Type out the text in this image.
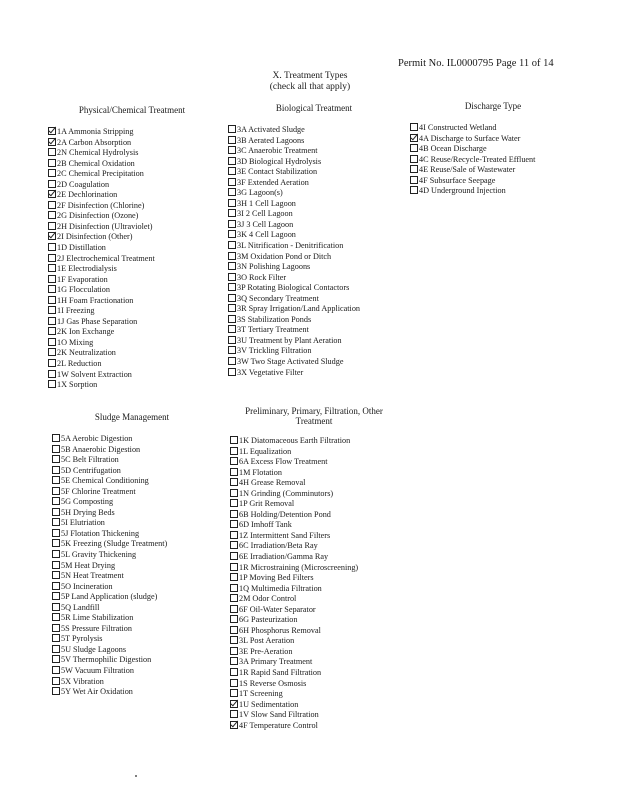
Permit No. IL0000795 Page 11 of 14
X. Treatment Types
(check all that apply)
Physical/Chemical Treatment
1A Ammonia Stripping
2A Carbon Absorption
2N Chemical Hydrolysis
2B Chemical Oxidation
2C Chemical Precipitation
2D Coagulation
2E Dechlorination
2F Disinfection (Chlorine)
2G Disinfection (Ozone)
2H Disinfection (Ultraviolet)
2I Disinfection (Other)
1D Distillation
2J Electrochemical Treatment
1E Electrodialysis
1F Evaporation
1G Flocculation
1H Foam Fractionation
1I Freezing
1J Gas Phase Separation
2K Ion Exchange
1O Mixing
2K Neutralization
2L Reduction
1W Solvent Extraction
1X Sorption
Sludge Management
5A Aerobic Digestion
5B Anaerobic Digestion
5C Belt Filtration
5D Centrifugation
5E Chemical Conditioning
5F Chlorine Treatment
5G Composting
5H Drying Beds
5I Elutriation
5J Flotation Thickening
5K Freezing (Sludge Treatment)
5L Gravity Thickening
5M Heat Drying
5N Heat Treatment
5O Incineration
5P Land Application (sludge)
5Q Landfill
5R Lime Stabilization
5S Pressure Filtration
5T Pyrolysis
5U Sludge Lagoons
5V Thermophilic Digestion
5W Vacuum Filtration
5X Vibration
5Y Wet Air Oxidation
Biological Treatment
3A Activated Sludge
3B Aerated Lagoons
3C Anaerobic Treatment
3D Biological Hydrolysis
3E Contact Stabilization
3F Extended Aeration
3G Lagoon(s)
3H 1 Cell Lagoon
3I 2 Cell Lagoon
3J 3 Cell Lagoon
3K 4 Cell Lagoon
3L Nitrification - Denitrification
3M Oxidation Pond or Ditch
3N Polishing Lagoons
3O Rock Filter
3P Rotating Biological Contactors
3Q Secondary Treatment
3R Spray Irrigation/Land Application
3S Stabilization Ponds
3T Tertiary Treatment
3U Treatment by Plant Aeration
3V Trickling Filtration
3W Two Stage Activated Sludge
3X Vegetative Filter
Preliminary, Primary, Filtration, Other Treatment
1K Diatomaceous Earth Filtration
1L Equalization
6A Excess Flow Treatment
1M Flotation
4H Grease Removal
1N Grinding (Comminutors)
1P Grit Removal
6B Holding/Detention Pond
6D Imhoff Tank
1Z Intermittent Sand Filters
6C Irradiation/Beta Ray
6E Irradiation/Gamma Ray
1R Microstraining (Microscreening)
1P Moving Bed Filters
1Q Multimedia Filtration
2M Odor Control
6F Oil-Water Separator
6G Pasteurization
6H Phosphorus Removal
3L Post Aeration
3E Pre-Aeration
3A Primary Treatment
1R Rapid Sand Filtration
1S Reverse Osmosis
1T Screening
1U Sedimentation
1V Slow Sand Filtration
4F Temperature Control
Discharge Type
4I Constructed Wetland
4A Discharge to Surface Water
4B Ocean Discharge
4C Reuse/Recycle-Treated Effluent
4E Reuse/Sale of Wastewater
4F Subsurface Seepage
4D Underground Injection
